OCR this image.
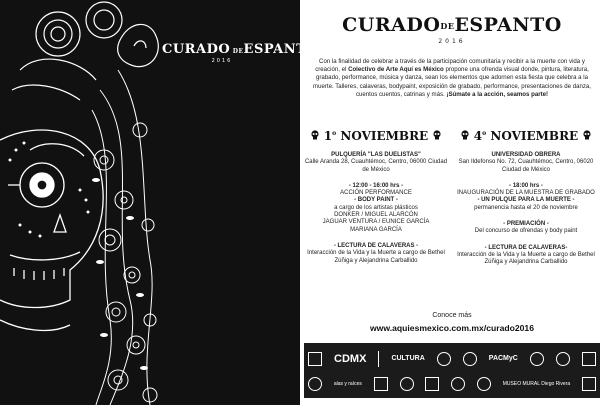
CURADO DEESPANTO
2016
CURADODEESPANTO
2016

Con la finalidad de celebrar a través de la participación comunitaria y recibir a la muerte con vida y creación, el Colectivo de Arte Aquí es México propone una ofrenda visual donde, pintura, literatura, grabado, performance, música y danza, sean los elementos que adornen esta fiesta que celebra a la muerte. Talleres, calaveras, bodypaint, exposición de grabado, performance, presentaciones de danza, cuentos cuentos, catrinas y más. ¡Súmate a la acción, seamos parte!

1$^o$ NOVIEMBRE
PULQUERÍA "LAS DUELISTAS"
Calle Aranda 28, Cuauhtémoc, Centro, 06000 Ciudad de México
- 12:00 - 16:00 hrs -
ACCIÓN PERFORMANCE
- BODY PAINT -
a cargo de los artistas plásticos
DONKER / MIGUEL ALARCÓN
JAGUAR VENTURA / EUNICE GARCÍA
MARIANA GARCÍA
- LECTURA DE CALAVERAS -
Interacción de la Vida y la Muerte a cargo de Bethel Zúñiga y Alejandrina Carballido
4$^o$ NOVIEMBRE
UNIVERSIDAD OBRERA
San Ildefonso No. 72, Cuauhtémoc, Centro, 06020 Ciudad de México
- 18:00 hrs -
INAUGURACIÓN DE LA MUESTRA DE GRABADO
- UN PULQUE PARA LA MUERTE -
permanencia hasta el 20 de noviembre
- PREMIACIÓN -
Del concurso de ofrendas y body paint
- LECTURA DE CALAVERAS-
Interacción de la Vida y la Muerte a cargo de Bethel Zúñiga y Alejandrina Carballido
Conoce más
www.aquiesmexico.com.mx/curado2016
CDMX	CULTURA	PACMyC
alas y raíces	MUSEO MURAL Diego Rivera
